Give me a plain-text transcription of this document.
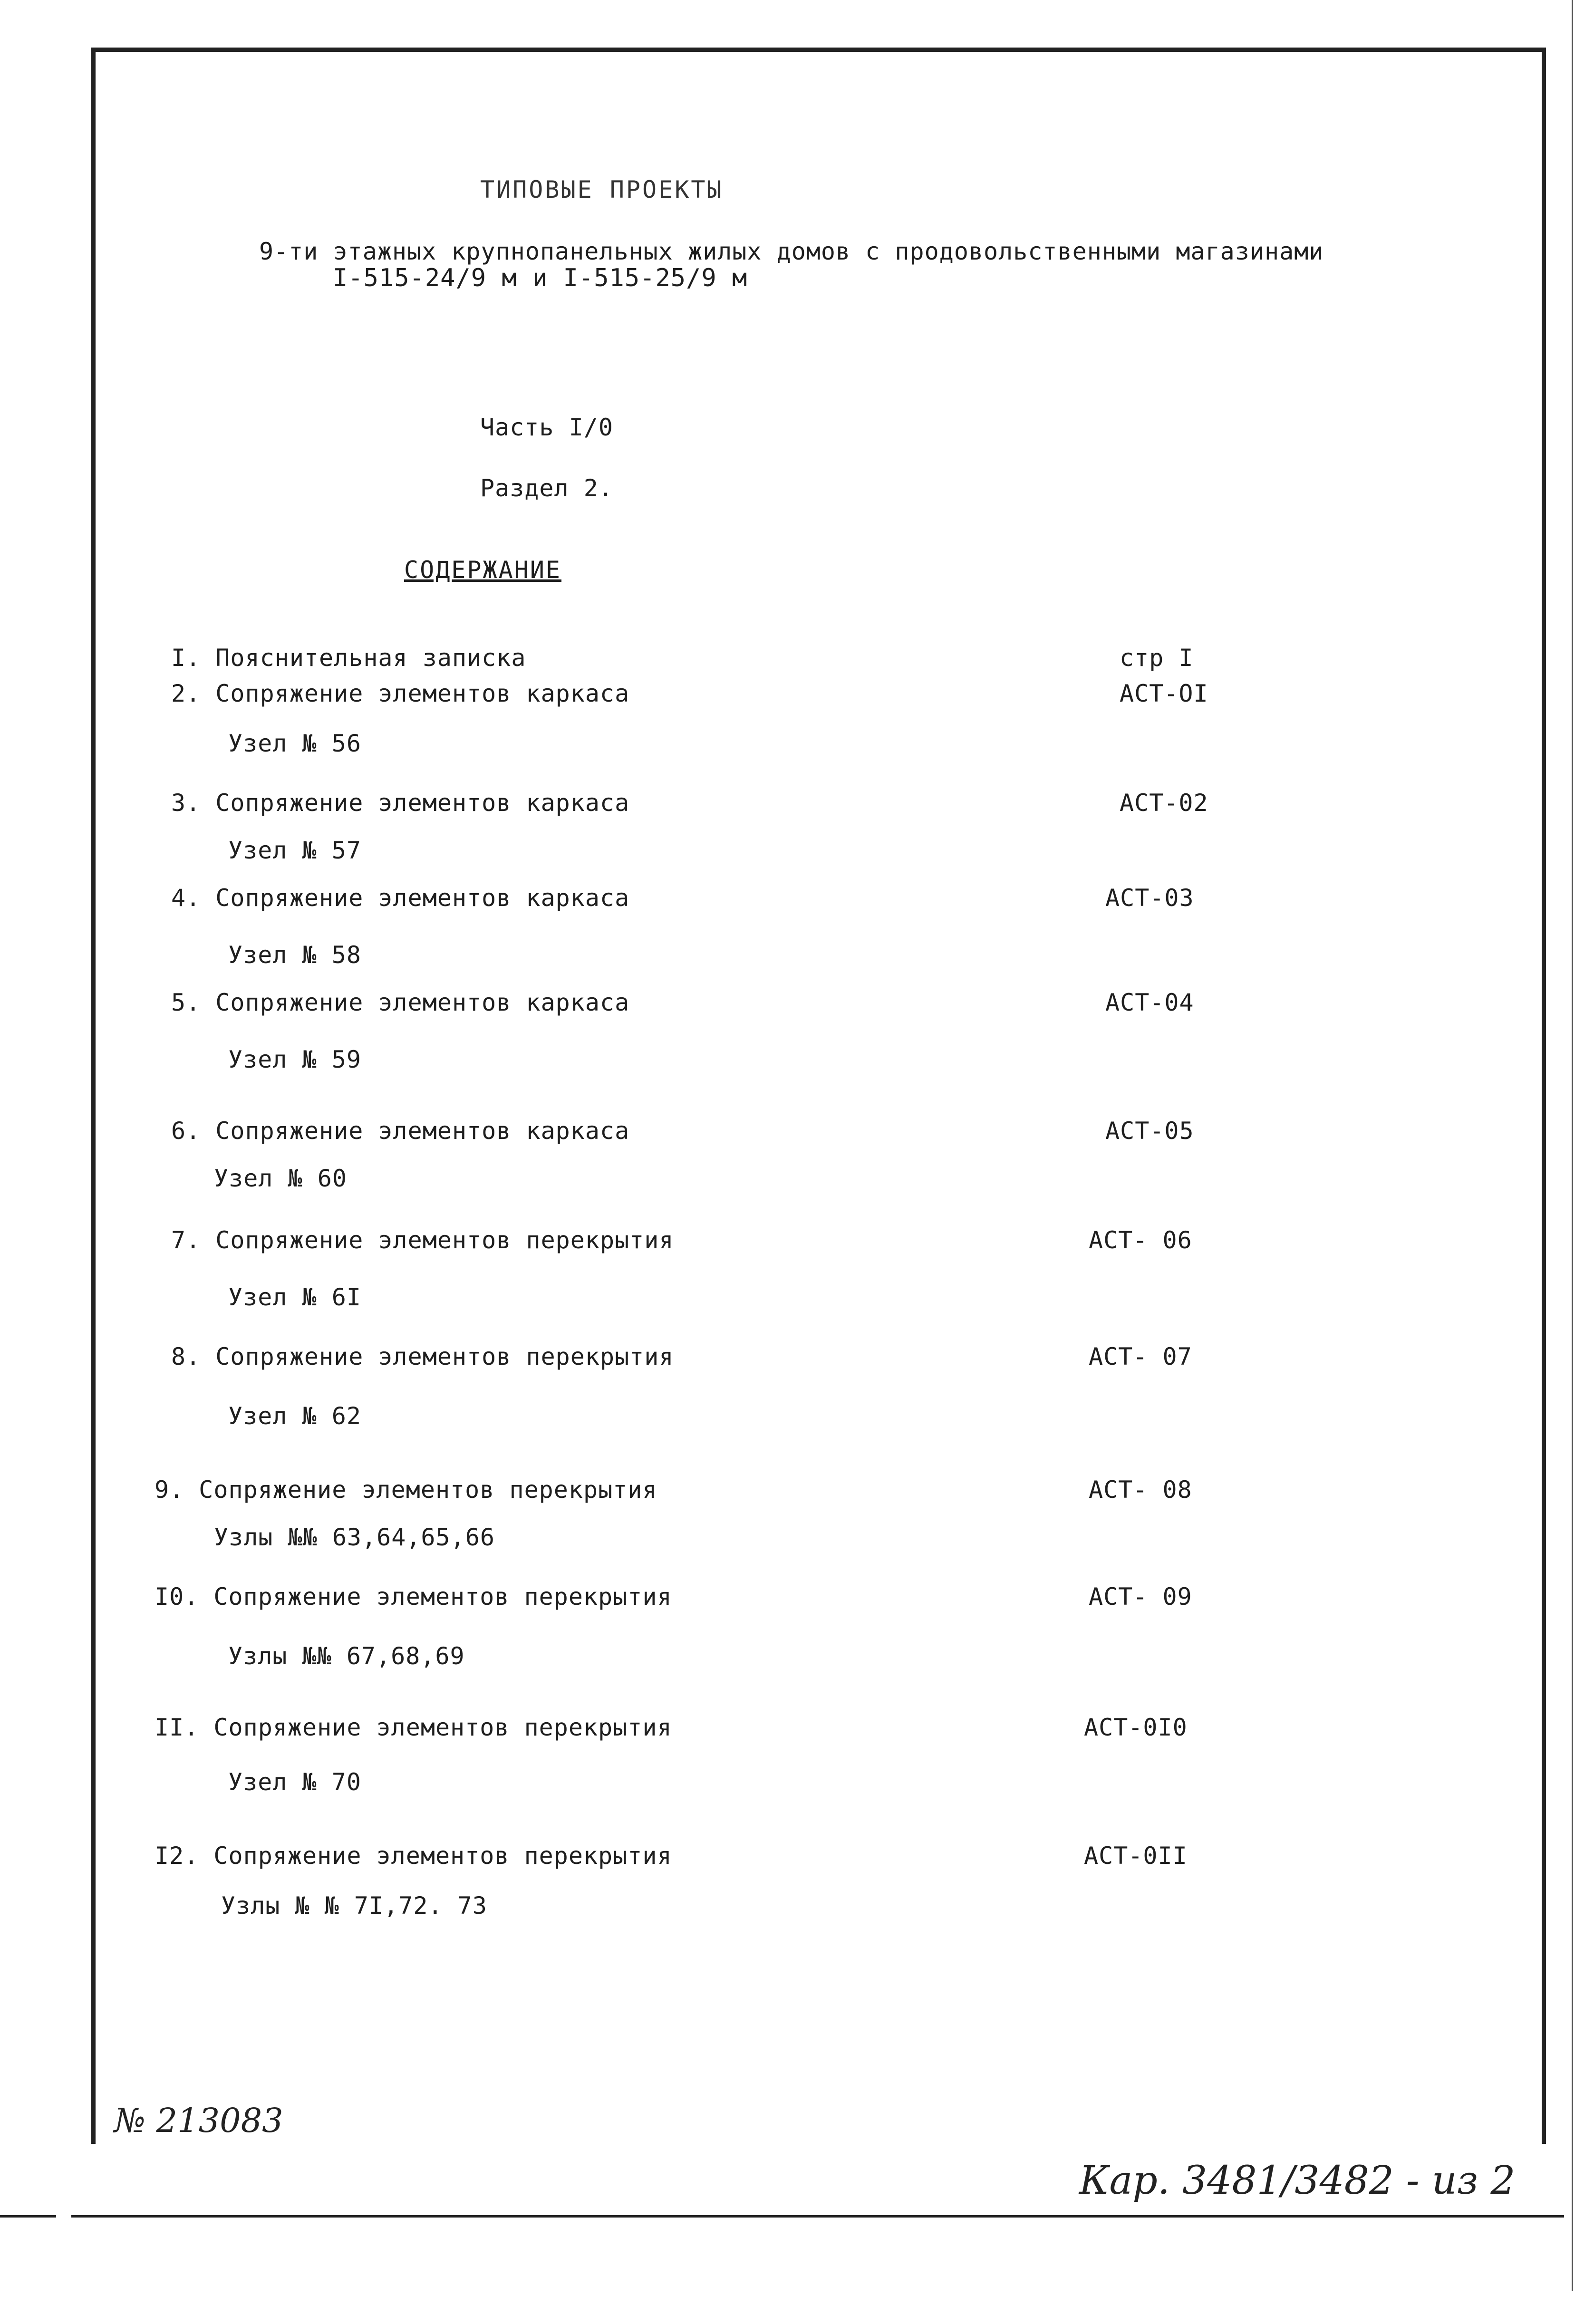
ТИПОВЫЕ ПРОЕКТЫ
9-ти этажных крупнопанельных жилых домов с продовольственными магазинами
I-515-24/9 м и I-515-25/9 м
Часть I/0
Раздел 2.
СОДЕРЖАНИЕ
I. Пояснительная записка	стр I
2. Сопряжение элементов каркаса	АСТ-ОI
Узел № 56
3. Сопряжение элементов каркаса	АСТ-02
Узел № 57
4. Сопряжение элементов каркаса	АСТ-03
Узел № 58
5. Сопряжение элементов каркаса	АСТ-04
Узел № 59
6. Сопряжение элементов каркаса	АСТ-05
Узел № 60
7. Сопряжение элементов перекрытия	АСТ- 06
Узел № 6I
8. Сопряжение элементов перекрытия	АСТ- 07
Узел № 62
9. Сопряжение элементов перекрытия	АСТ- 08
Узлы №№ 63,64,65,66
I0. Сопряжение элементов перекрытия	АСТ- 09
Узлы №№ 67,68,69
II. Сопряжение элементов перекрытия	АСТ-0I0
Узел № 70
I2. Сопряжение элементов перекрытия	АСТ-0II
Узлы № № 7I,72. 73
№ 213083
Кар. 3481/3482 - из 2
